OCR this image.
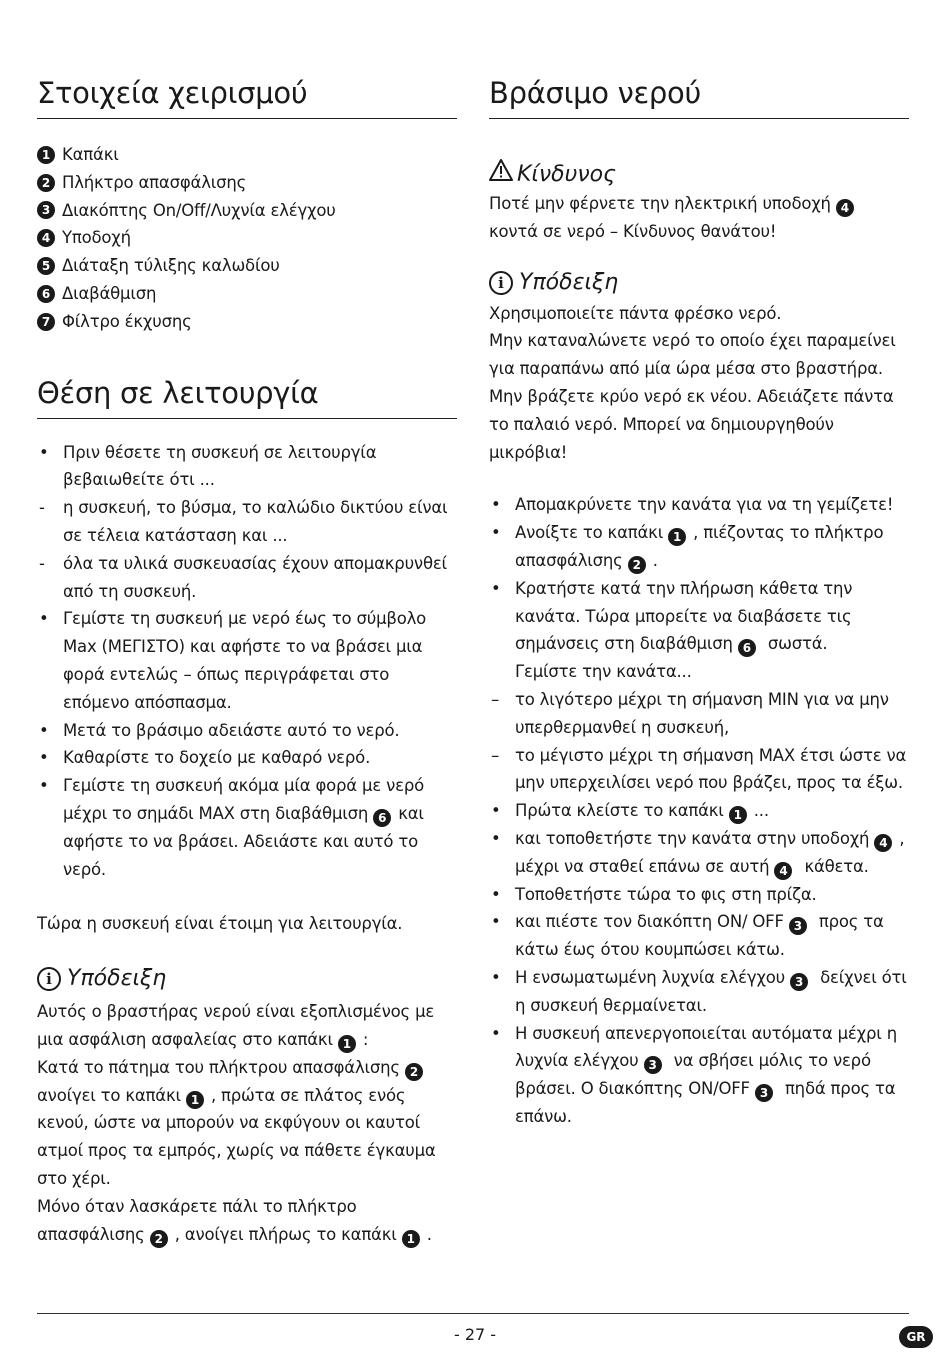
Στοιχεία χειρισμού
1 Καπάκι
2 Πλήκτρο απασφάλισης
3 Διακόπτης On/Off/Λυχνία ελέγχου
4 Υποδοχή
5 Διάταξη τύλιξης καλωδίου
6 Διαβάθμιση
7 Φίλτρο έκχυσης
Θέση σε λειτουργία

• Πριν θέσετε τη συσκευή σε λειτουργία βεβαιωθείτε ότι ...

- η συσκευή, το βύσμα, το καλώδιο δικτύου είναι σε τέλεια κατάσταση και ...

- όλα τα υλικά συσκευασίας έχουν απομακρυνθεί από τη συσκευή.

• Γεμίστε τη συσκευή με νερό έως το σύμβολο Max (ΜΕΓΙΣΤΟ) και αφήστε το να βράσει μια φορά εντελώς – όπως περιγράφεται στο επόμενο απόσπασμα.

• Μετά το βράσιμο αδειάστε αυτό το νερό.

• Καθαρίστε το δοχείο με καθαρό νερό.

• Γεμίστε τη συσκευή ακόμα μία φορά με νερό μέχρι το σημάδι MAX στη διαβάθμιση 6 και αφήστε το να βράσει. Αδειάστε και αυτό το νερό.

Τώρα η συσκευή είναι έτοιμη για λειτουργία.

i Υπόδειξη

Αυτός ο βραστήρας νερού είναι εξοπλισμένος με μια ασφάλιση ασφαλείας στο καπάκι 1 :

Κατά το πάτημα του πλήκτρου απασφάλισης 2 ανοίγει το καπάκι 1 , πρώτα σε πλάτος ενός κενού, ώστε να μπορούν να εκφύγουν οι καυτοί ατμοί προς τα εμπρός, χωρίς να πάθετε έγκαυμα στο χέρι.

Μόνο όταν λασκάρετε πάλι το πλήκτρο απασφάλισης 2 , ανοίγει πλήρως το καπάκι 1 .

Βράσιμο νερού

Κίνδυνος

Ποτέ μην φέρνετε την ηλεκτρική υποδοχή 4 κοντά σε νερό – Κίνδυνος θανάτου!

i Υπόδειξη

Χρησιμοποιείτε πάντα φρέσκο νερό.

Μην καταναλώνετε νερό το οποίο έχει παραμείνει για παραπάνω από μία ώρα μέσα στο βραστήρα.

Μην βράζετε κρύο νερό εκ νέου. Αδειάζετε πάντα το παλαιό νερό. Μπορεί να δημιουργηθούν μικρόβια!

• Απομακρύνετε την κανάτα για να τη γεμίζετε!

• Ανοίξτε το καπάκι 1 , πιέζοντας το πλήκτρο απασφάλισης 2 .

• Κρατήστε κατά την πλήρωση κάθετα την κανάτα. Τώρα μπορείτε να διαβάσετε τις σημάνσεις στη διαβάθμιση 6 σωστά.
Γεμίστε την κανάτα...

– το λιγότερο μέχρι τη σήμανση MIN για να μην υπερθερμανθεί η συσκευή,

– το μέγιστο μέχρι τη σήμανση MAX έτσι ώστε να μην υπερχειλίσει νερό που βράζει, προς τα έξω.

• Πρώτα κλείστε το καπάκι 1 ...

• και τοποθετήστε την κανάτα στην υποδοχή 4 , μέχρι να σταθεί επάνω σε αυτή 4 κάθετα.

• Τοποθετήστε τώρα το φις στη πρίζα.

• και πιέστε τον διακόπτη ON/ OFF 3 προς τα κάτω έως ότου κουμπώσει κάτω.

• Η ενσωματωμένη λυχνία ελέγχου 3 δείχνει ότι η συσκευή θερμαίνεται.

• Η συσκευή απενεργοποιείται αυτόματα μέχρι η λυχνία ελέγχου 3 να σβήσει μόλις το νερό βράσει. Ο διακόπτης ON/OFF 3 πηδά προς τα επάνω.

- 27 -	GR
